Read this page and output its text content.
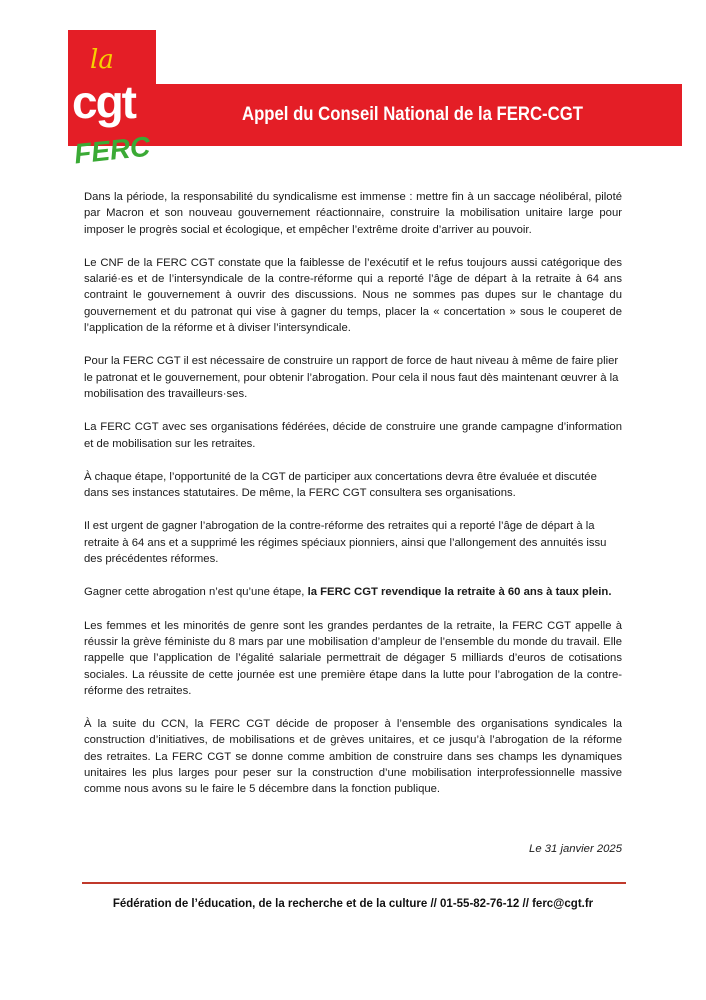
la
cgt
FERC
Appel du Conseil National de la FERC-CGT

Dans la période, la responsabilité du syndicalisme est immense : mettre fin à un saccage néolibéral, piloté par Macron et son nouveau gouvernement réactionnaire, construire la mobilisation unitaire large pour imposer le progrès social et écologique, et empêcher l’extrême droite d’arriver au pouvoir.

Le CNF de la FERC CGT constate que la faiblesse de l’exécutif et le refus toujours aussi catégorique des salarié·es et de l’intersyndicale de la contre-réforme qui a reporté l’âge de départ à la retraite à 64 ans contraint le gouvernement à ouvrir des discussions. Nous ne sommes pas dupes sur le chantage du gouvernement et du patronat qui vise à gagner du temps, placer la « concertation » sous le couperet de l’application de la réforme et à diviser l’intersyndicale.

Pour la FERC CGT il est nécessaire de construire un rapport de force de haut niveau à même de faire plier le patronat et le gouvernement, pour obtenir l’abrogation. Pour cela il nous faut dès maintenant œuvrer à la mobilisation des travailleurs·ses.

La FERC CGT avec ses organisations fédérées, décide de construire une grande campagne d’information et de mobilisation sur les retraites.

À chaque étape, l’opportunité de la CGT de participer aux concertations devra être évaluée et discutée dans ses instances statutaires. De même, la FERC CGT consultera ses organisations.

Il est urgent de gagner l’abrogation de la contre-réforme des retraites qui a reporté l’âge de départ à la retraite à 64 ans et a supprimé les régimes spéciaux pionniers, ainsi que l’allongement des annuités issu des précédentes réformes.

Gagner cette abrogation n’est qu’une étape, la FERC CGT revendique la retraite à 60 ans à taux plein.

Les femmes et les minorités de genre sont les grandes perdantes de la retraite, la FERC CGT appelle à réussir la grève féministe du 8 mars par une mobilisation d’ampleur de l’ensemble du monde du travail. Elle rappelle que l’application de l’égalité salariale permettrait de dégager 5 milliards d’euros de cotisations sociales. La réussite de cette journée est une première étape dans la lutte pour l’abrogation de la contre-réforme des retraites.

À la suite du CCN, la FERC CGT décide de proposer à l’ensemble des organisations syndicales la construction d’initiatives, de mobilisations et de grèves unitaires, et ce jusqu’à l’abrogation de la réforme des retraites. La FERC CGT se donne comme ambition de construire dans ses champs les dynamiques unitaires les plus larges pour peser sur la construction d’une mobilisation interprofessionnelle massive comme nous avons su le faire le 5 décembre dans la fonction publique.

Le 31 janvier 2025
Fédération de l’éducation, de la recherche et de la culture // 01-55-82-76-12 // ferc@cgt.fr
